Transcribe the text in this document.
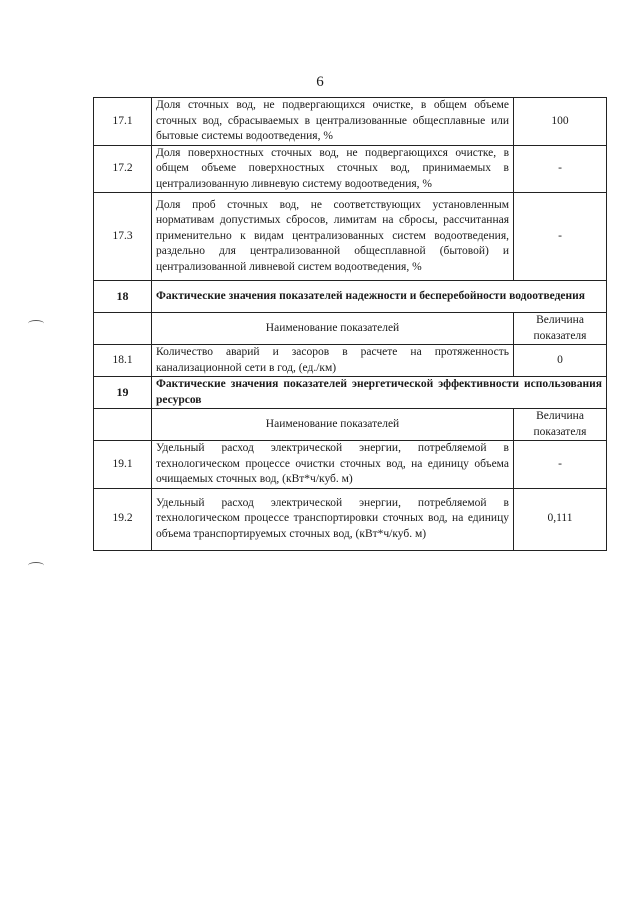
6
17.1	Доля сточных вод, не подвергающихся очистке, в общем объеме сточных вод, сбрасываемых в централизованные общесплавные или бытовые системы водоотведения, %	100
17.2	Доля поверхностных сточных вод, не подвергающихся очистке, в общем объеме поверхностных сточных вод, принимаемых в централизованную ливневую систему водоотведения, %	-
17.3	Доля проб сточных вод, не соответствующих установленным нормативам допустимых сбросов, лимитам на сбросы, рассчитанная применительно к видам централизованных систем водоотведения, раздельно для централизованной общесплавной (бытовой) и централизованной ливневой систем водоотведения, %	-
18	Фактические значения показателей надежности и бесперебойности водоотведения	
	Наименование показателей	Величина показателя
18.1	Количество аварий и засоров в расчете на протяженность канализационной сети в год, (ед./км)	0
19	Фактические значения показателей энергетической эффективности использования ресурсов	
	Наименование показателей	Величина показателя
19.1	Удельный расход электрической энергии, потребляемой в технологическом процессе очистки сточных вод, на единицу объема очищаемых сточных вод, (кВт*ч/куб. м)	-
19.2	Удельный расход электрической энергии, потребляемой в технологическом процессе транспортировки сточных вод, на единицу объема транспортируемых сточных вод, (кВт*ч/куб. м)	0,111
